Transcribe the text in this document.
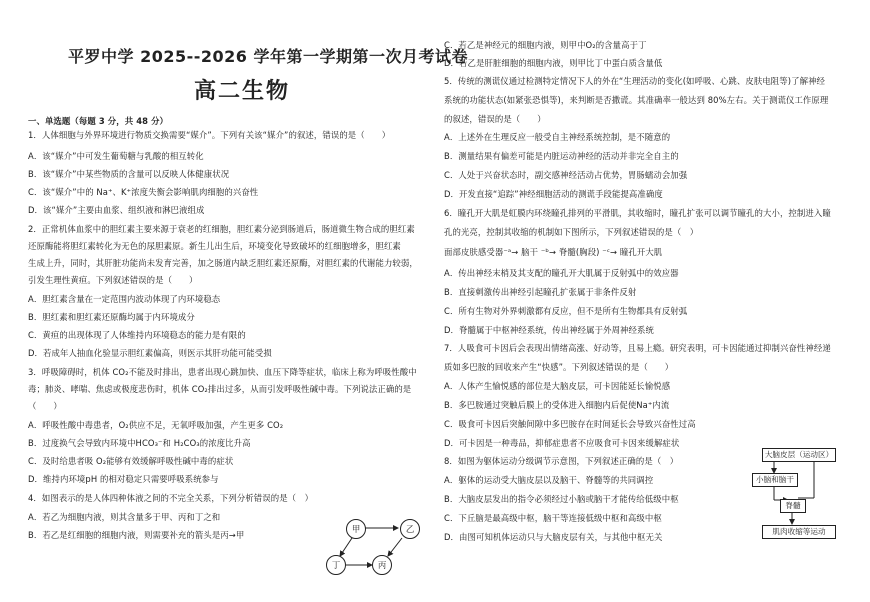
平罗中学 2025--2026 学年第一学期第一次月考试卷
高二生物
一、单选题（每题 3 分，共 48 分）
1．人体细胞与外界环境进行物质交换需要“媒介”。下列有关该“媒介”的叙述，错误的是（　　）
A．该“媒介”中可发生葡萄糖与乳酸的相互转化
B．该“媒介”中某些物质的含量可以反映人体健康状况
C．该“媒介”中的 Na⁺、K⁺浓度失衡会影响肌肉细胞的兴奋性
D．该“媒介”主要由血浆、组织液和淋巴液组成
2．正常机体血浆中的胆红素主要来源于衰老的红细胞，胆红素分泌到肠道后，肠道微生物合成的胆红素
还原酶能将胆红素转化为无色的尿胆素原。新生儿出生后，环境变化导致破坏的红细胞增多，胆红素
生成上升，同时，其肝脏功能尚未发育完善，加之肠道内缺乏胆红素还原酶，对胆红素的代谢能力较弱，
引发生理性黄疸。下列叙述错误的是（　　）
A．胆红素含量在一定范围内波动体现了内环境稳态
B．胆红素和胆红素还原酶均属于内环境成分
C．黄疸的出现体现了人体维持内环境稳态的能力是有限的
D．若成年人抽血化验显示胆红素偏高，则医示其肝功能可能受损
3．呼吸障碍时，机体 CO₂不能及时排出，患者出现心跳加快、血压下降等症状，临床上称为呼吸性酸中
毒；肺炎、哮喘、焦虑或极度悲伤时，机体 CO₂排出过多，从而引发呼吸性碱中毒。下列说法正确的是
（　　）
A．呼吸性酸中毒患者，O₂供应不足，无氧呼吸加强，产生更多 CO₂
B．过度换气会导致内环境中HCO₃⁻和 H₂CO₃的浓度比升高
C．及时给患者吸 O₂能够有效缓解呼吸性碱中毒的症状
D．维持内环境pH 的相对稳定只需要呼吸系统参与
4．如图表示的是人体四种体液之间的不完全关系，下列分析错误的是（　）
A．若乙为细胞内液，则其含量多于甲、丙和丁之和
B．若乙是红细胞的细胞内液，则需要补充的箭头是丙→甲
C．若乙是神经元的细胞内液，则甲中O₂的含量高于丁
D．若乙是肝脏细胞的细胞内液，则甲比丁中蛋白质含量低
5．传统的测谎仪通过检测特定情况下人的外在“生理活动的变化(如呼吸、心跳、皮肤电阻等)了解神经
系统的功能状态(如紧张恐惧等)，来判断是否撒谎。其准确率一般达到 80%左右。关于测谎仪工作原理
的叙述，错误的是（　　）
A．上述外在生理反应一般受自主神经系统控制，是不随意的
B．测量结果有偏差可能是内脏运动神经的活动并非完全自主的
C．人处于兴奋状态时，副交感神经活动占优势，胃肠蠕动会加强
D．开发直接“追踪”神经细胞活动的测谎手段能提高准确度
6．瞳孔开大肌是虹膜内环绕瞳孔排列的平滑肌，其收缩时，瞳孔扩张可以调节瞳孔的大小，控制进入瞳
孔的光亮，控制其收缩的机制如下图所示，下列叙述错误的是（　）
面部皮肤感受器⁻ᵃ→ 脑干 ⁻ᵇ→ 脊髓(胸段) ⁻ᶜ→ 瞳孔开大肌
A．传出神经末梢及其支配的瞳孔开大肌属于反射弧中的效应器
B．直接刺激传出神经引起瞳孔扩张属于非条件反射
C．所有生物对外界刺激都有反应，但不是所有生物都具有反射弧
D．脊髓属于中枢神经系统，传出神经属于外周神经系统
7．人吸食可卡因后会表现出情绪高涨、好动等，且易上瘾。研究表明，可卡因能通过抑制兴奋性神经递
质如多巴胺的回收来产生“快感”。下列叙述错误的是（　　）
A．人体产生愉悦感的部位是大脑皮层，可卡因能延长愉悦感
B．多巴胺通过突触后膜上的受体进入细胞内后促使Na⁺内流
C．吸食可卡因后突触间隙中多巴胺存在时间延长会导致兴奋性过高
D．可卡因是一种毒品，抑郁症患者不应吸食可卡因来缓解症状
8．如图为躯体运动分级调节示意图，下列叙述正确的是（　）
A．躯体的运动受大脑皮层以及脑干、脊髓等的共同调控
B．大脑皮层发出的指令必须经过小脑或脑干才能传给低级中枢
C．下丘脑是最高级中枢，脑干等连接低级中枢和高级中枢
D．由图可知机体运动只与大脑皮层有关，与其他中枢无关
甲	乙
丙
丁
大脑皮层（运动区）
小脑和脑干
脊髓
肌肉收缩等运动
